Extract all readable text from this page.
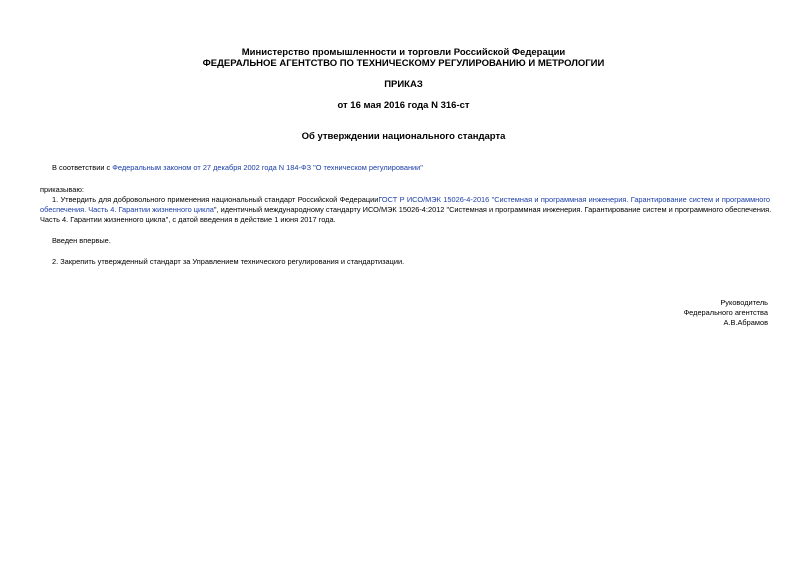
Министерство промышленности и торговли Российской Федерации
ФЕДЕРАЛЬНОЕ АГЕНТСТВО ПО ТЕХНИЧЕСКОМУ РЕГУЛИРОВАНИЮ И МЕТРОЛОГИИ
ПРИКАЗ
от 16 мая 2016 года N 316-ст
Об утверждении национального стандарта
В соответствии с Федеральным законом от 27 декабря 2002 года N 184-ФЗ "О техническом регулировании"
приказываю:
1. Утвердить для добровольного применения национальный стандарт Российской ФедерацииГОСТ Р ИСО/МЭК 15026-4-2016 "Системная и программная инженерия. Гарантирование систем и программного
обеспечения. Часть 4. Гарантии жизненного цикла", идентичный международному стандарту ИСО/МЭК 15026-4:2012 "Системная и программная инженерия. Гарантирование систем и программного обеспечения.
Часть 4. Гарантии жизненного цикла", с датой введения в действие 1 июня 2017 года.
Введен впервые.
2. Закрепить утвержденный стандарт за Управлением технического регулирования и стандартизации.
Руководитель
Федерального агентства
А.В.Абрамов
